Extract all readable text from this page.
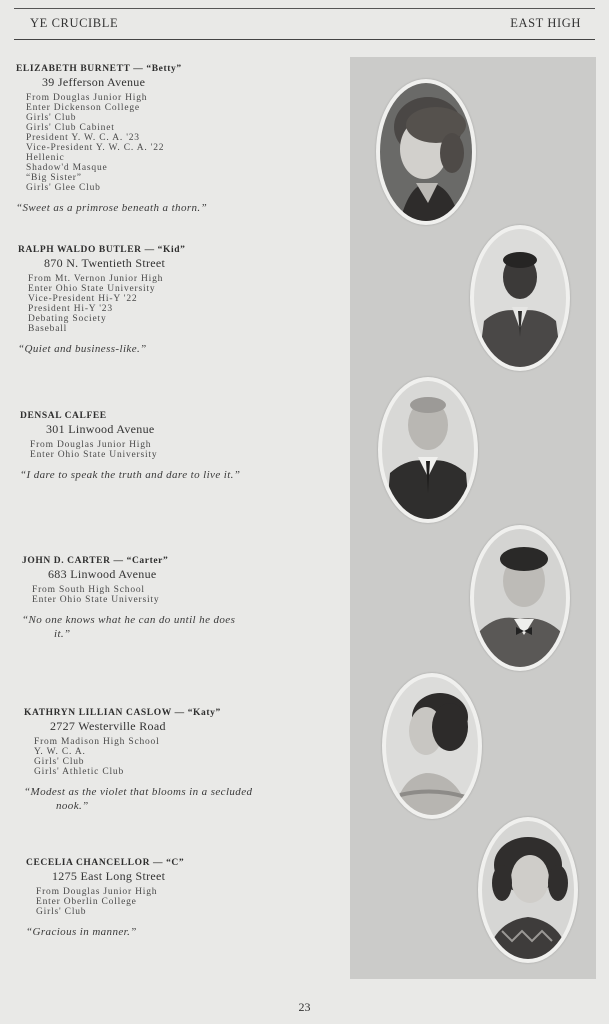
YE CRUCIBLE	EAST HIGH
ELIZABETH BURNETT — “Betty”
39 Jefferson Avenue
From Douglas Junior High
Enter Dickenson College
Girls' Club
Girls' Club Cabinet
President Y. W. C. A. '23
Vice-President Y. W. C. A. '22
Hellenic
Shadow'd Masque
“Big Sister”
Girls' Glee Club
“Sweet as a primrose beneath a thorn.”
RALPH WALDO BUTLER — “Kid”
870 N. Twentieth Street
From Mt. Vernon Junior High
Enter Ohio State University
Vice-President Hi-Y '22
President Hi-Y '23
Debating Society
Baseball
“Quiet and business-like.”
DENSAL CALFEE
301 Linwood Avenue
From Douglas Junior High
Enter Ohio State University
“I dare to speak the truth and dare to live it.”
JOHN D. CARTER — “Carter”
683 Linwood Avenue
From South High School
Enter Ohio State University
“No one knows what he can do until he does
it.”
KATHRYN LILLIAN CASLOW — “Katy”
2727 Westerville Road
From Madison High School
Y. W. C. A.
Girls' Club
Girls' Athletic Club
“Modest as the violet that blooms in a secluded
nook.”
CECELIA CHANCELLOR — “C”
1275 East Long Street
From Douglas Junior High
Enter Oberlin College
Girls' Club
“Gracious in manner.”
23
